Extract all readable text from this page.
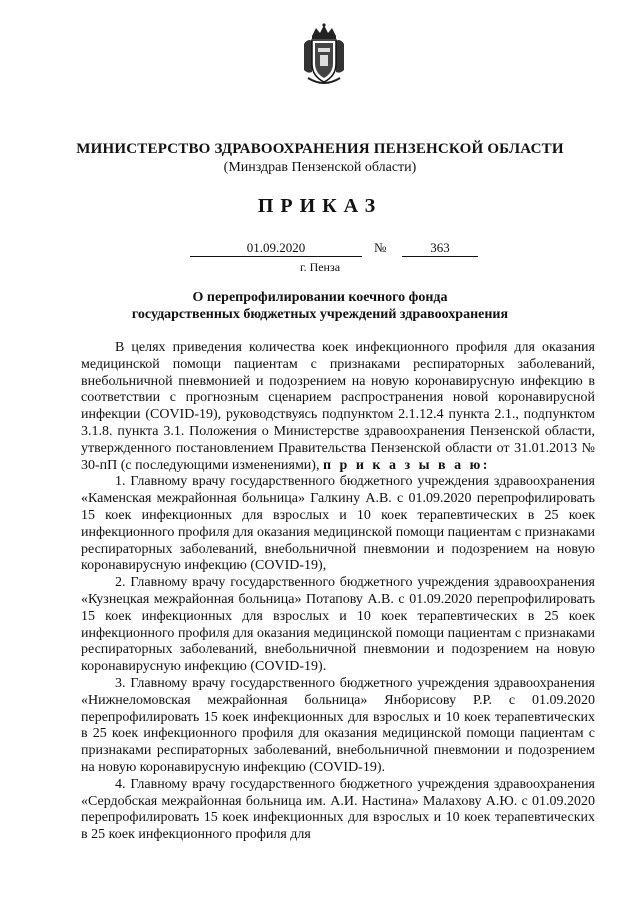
МИНИСТЕРСТВО ЗДРАВООХРАНЕНИЯ ПЕНЗЕНСКОЙ ОБЛАСТИ
(Минздрав Пензенской области)
ПРИКАЗ
01.09.2020	№	363
г. Пенза
О перепрофилировании коечного фонда
государственных бюджетных учреждений здравоохранения

В целях приведения количества коек инфекционного профиля для оказания медицинской помощи пациентам с признаками респираторных заболеваний, внебольничной пневмонией и подозрением на новую коронавирусную инфекцию в соответствии с прогнозным сценарием распространения новой коронавирусной инфекции (COVID-19), руководствуясь подпунктом 2.1.12.4 пункта 2.1., подпунктом 3.1.8. пункта 3.1. Положения о Министерстве здравоохранения Пензенской области, утвержденного постановлением Правительства Пензенской области от 31.01.2013 № 30-пП (с последующими изменениями), п р и к а з ы в а ю:

1. Главному врачу государственного бюджетного учреждения здравоохранения «Каменская межрайонная больница» Галкину А.В. с 01.09.2020 перепрофилировать 15 коек инфекционных для взрослых и 10 коек терапевтических в 25 коек инфекционного профиля для оказания медицинской помощи пациентам с признаками респираторных заболеваний, внебольничной пневмонии и подозрением на новую коронавирусную инфекцию (COVID-19),

2. Главному врачу государственного бюджетного учреждения здравоохранения «Кузнецкая межрайонная больница» Потапову А.В. с 01.09.2020 перепрофилировать 15 коек инфекционных для взрослых и 10 коек терапевтических в 25 коек инфекционного профиля для оказания медицинской помощи пациентам с признаками респираторных заболеваний, внебольничной пневмонии и подозрением на новую коронавирусную инфекцию (COVID-19).

3. Главному врачу государственного бюджетного учреждения здравоохранения «Нижнеломовская межрайонная больница» Янборисову Р.Р. с 01.09.2020 перепрофилировать 15 коек инфекционных для взрослых и 10 коек терапевтических в 25 коек инфекционного профиля для оказания медицинской помощи пациентам с признаками респираторных заболеваний, внебольничной пневмонии и подозрением на новую коронавирусную инфекцию (COVID-19).

4. Главному врачу государственного бюджетного учреждения здравоохранения «Сердобская межрайонная больница им. А.И. Настина» Малахову А.Ю. с 01.09.2020 перепрофилировать 15 коек инфекционных для взрослых и 10 коек терапевтических в 25 коек инфекционного профиля для
